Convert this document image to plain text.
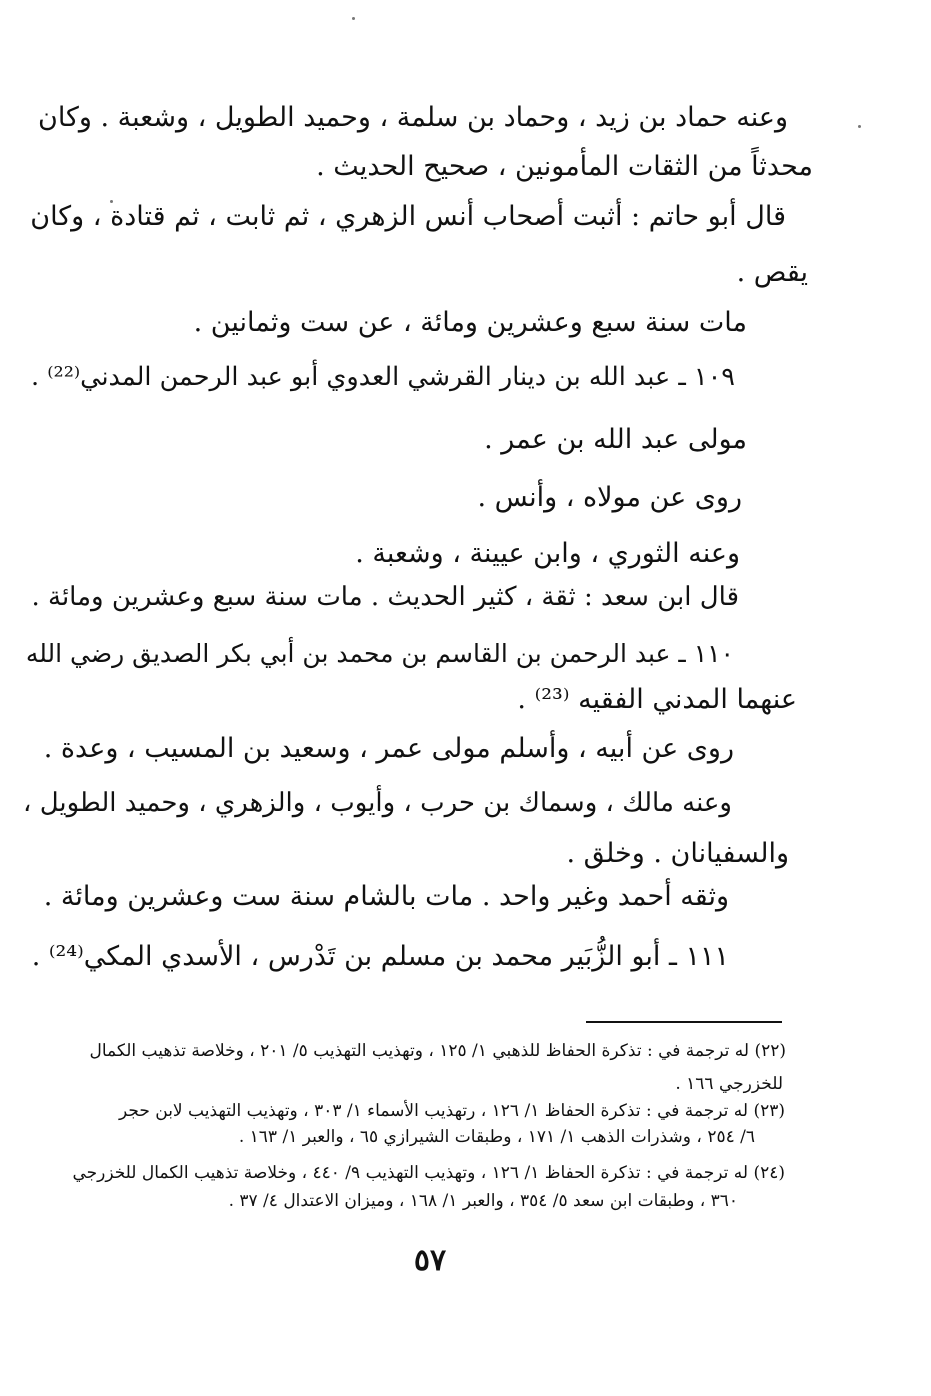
وعنه حماد بن زيد ، وحماد بن سلمة ، وحميد الطويل ، وشعبة . وكان
محدثاً من الثقات المأمونين ، صحيح الحديث .
قال أبو حاتم : أثبت أصحاب أنس الزهري ، ثم ثابت ، ثم قتادة ، وكان
يقص .
مات سنة سبع وعشرين ومائة ، عن ست وثمانين .
١٠٩ ـ عبد الله بن دينار القرشي العدوي أبو عبد الرحمن المدني⁽²²⁾ .
مولى عبد الله بن عمر .
روى عن مولاه ، وأنس .
وعنه الثوري ، وابن عيينة ، وشعبة .
قال ابن سعد : ثقة ، كثير الحديث . مات سنة سبع وعشرين ومائة .
١١٠ ـ عبد الرحمن بن القاسم بن محمد بن أبي بكر الصديق رضي الله
عنهما المدني الفقيه ⁽²³⁾ .
روى عن أبيه ، وأسلم مولى عمر ، وسعيد بن المسيب ، وعدة .
وعنه مالك ، وسماك بن حرب ، وأيوب ، والزهري ، وحميد الطويل ،
والسفيانان . وخلق .
وثقه أحمد وغير واحد . مات بالشام سنة ست وعشرين ومائة .
١١١ ـ أبو الزُّبَير محمد بن مسلم بن تَدْرس ، الأسدي المكي⁽²⁴⁾ .
(٢٢) له ترجمة في : تذكرة الحفاظ للذهبي ١/ ١٢٥ ، وتهذيب التهذيب ٥/ ٢٠١ ، وخلاصة تذهيب الكمال
للخزرجي ١٦٦ .
(٢٣) له ترجمة في : تذكرة الحفاظ ١/ ١٢٦ ، رتهذيب الأسماء ١/ ٣٠٣ ، وتهذيب التهذيب لابن حجر
٦/ ٢٥٤ ، وشذرات الذهب ١/ ١٧١ ، وطبقات الشيرازي ٦٥ ، والعبر ١/ ١٦٣ .
(٢٤) له ترجمة في : تذكرة الحفاظ ١/ ١٢٦ ، وتهذيب التهذيب ٩/ ٤٤٠ ، وخلاصة تذهيب الكمال للخزرجي
٣٦٠ ، وطبقات ابن سعد ٥/ ٣٥٤ ، والعبر ١/ ١٦٨ ، وميزان الاعتدال ٤/ ٣٧ .
٥٧
